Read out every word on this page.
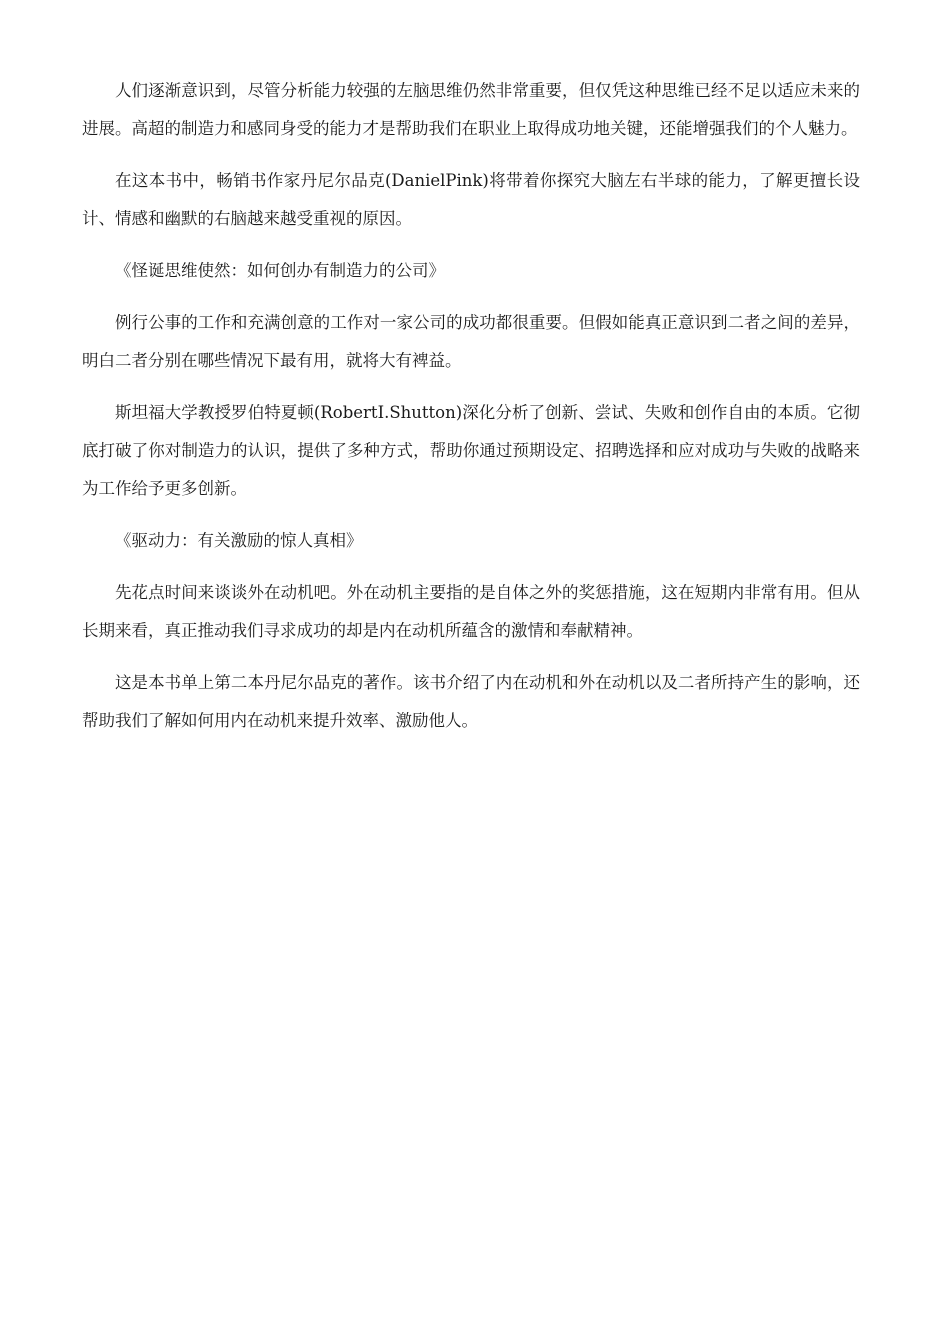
人们逐渐意识到，尽管分析能力较强的左脑思维仍然非常重要，但仅凭这种思维已经不足以适应未来的进展。高超的制造力和感同身受的能力才是帮助我们在职业上取得成功地关键，还能增强我们的个人魅力。

在这本书中，畅销书作家丹尼尔品克(DanielPink)将带着你探究大脑左右半球的能力，了解更擅长设计、情感和幽默的右脑越来越受重视的原因。

《怪诞思维使然：如何创办有制造力的公司》

例行公事的工作和充满创意的工作对一家公司的成功都很重要。但假如能真正意识到二者之间的差异，明白二者分别在哪些情况下最有用，就将大有裨益。

斯坦福大学教授罗伯特夏顿(RobertI.Shutton)深化分析了创新、尝试、失败和创作自由的本质。它彻底打破了你对制造力的认识，提供了多种方式，帮助你通过预期设定、招聘选择和应对成功与失败的战略来为工作给予更多创新。

《驱动力：有关激励的惊人真相》

先花点时间来谈谈外在动机吧。外在动机主要指的是自体之外的奖惩措施，这在短期内非常有用。但从长期来看，真正推动我们寻求成功的却是内在动机所蕴含的激情和奉献精神。

这是本书单上第二本丹尼尔品克的著作。该书介绍了内在动机和外在动机以及二者所持产生的影响，还帮助我们了解如何用内在动机来提升效率、激励他人。
